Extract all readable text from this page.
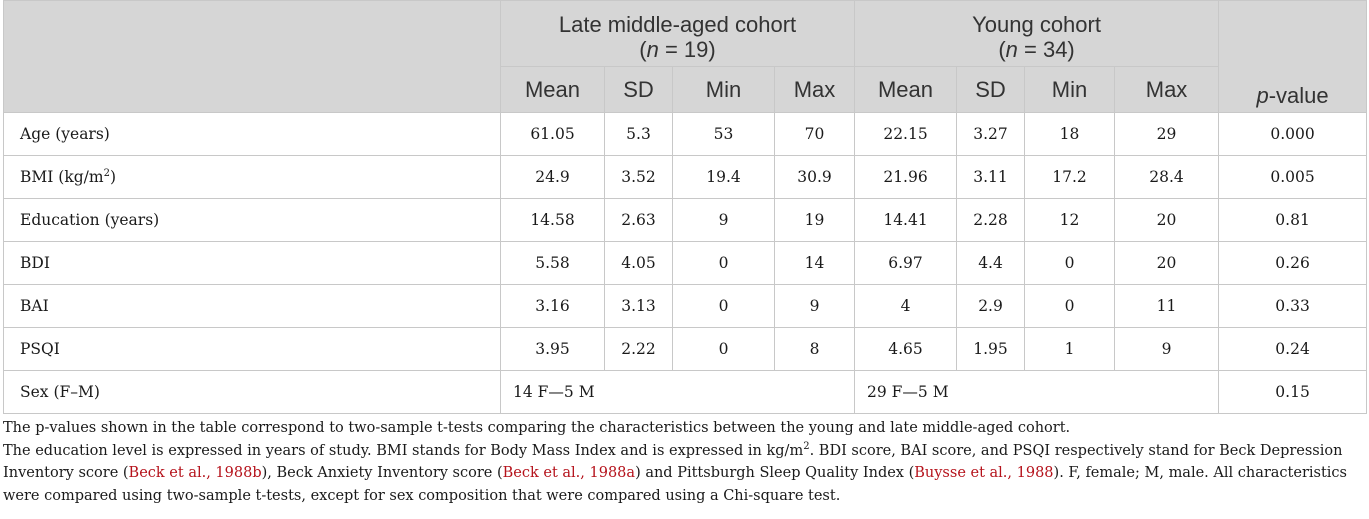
	Late middle-aged cohort
(n = 19)				Young cohort
(n = 34)				p-value
	Mean	SD	Min	Max	Mean	SD	Min	Max	
Age (years)	61.05	5.3	53	70	22.15	3.27	18	29	0.000
BMI $(kg/m^2)$	24.9	3.52	19.4	30.9	21.96	3.11	17.2	28.4	0.005
Education (years)	14.58	2.63	9	19	14.41	2.28	12	20	0.81
BDI	5.58	4.05	0	14	6.97	4.4	0	20	0.26
BAI	3.16	3.13	0	9	4	2.9	0	11	0.33
PSQI	3.95	2.22	0	8	4.65	1.95	1	9	0.24
Sex (F–M)	14 F—5 M				29 F—5 M				0.15

The p-values shown in the table correspond to two-sample t-tests comparing the characteristics between the young and late middle-aged cohort.

The education level is expressed in years of study. BMI stands for Body Mass Index and is expressed in $kg/m^2$. BDI score, BAI score, and PSQI respectively stand for Beck Depression Inventory score (Beck et al., 1988b), Beck Anxiety Inventory score (Beck et al., 1988a) and Pittsburgh Sleep Quality Index (Buysse et al., 1988). F, female; M, male. All characteristics were compared using two-sample t-tests, except for sex composition that were compared using a Chi-square test.
